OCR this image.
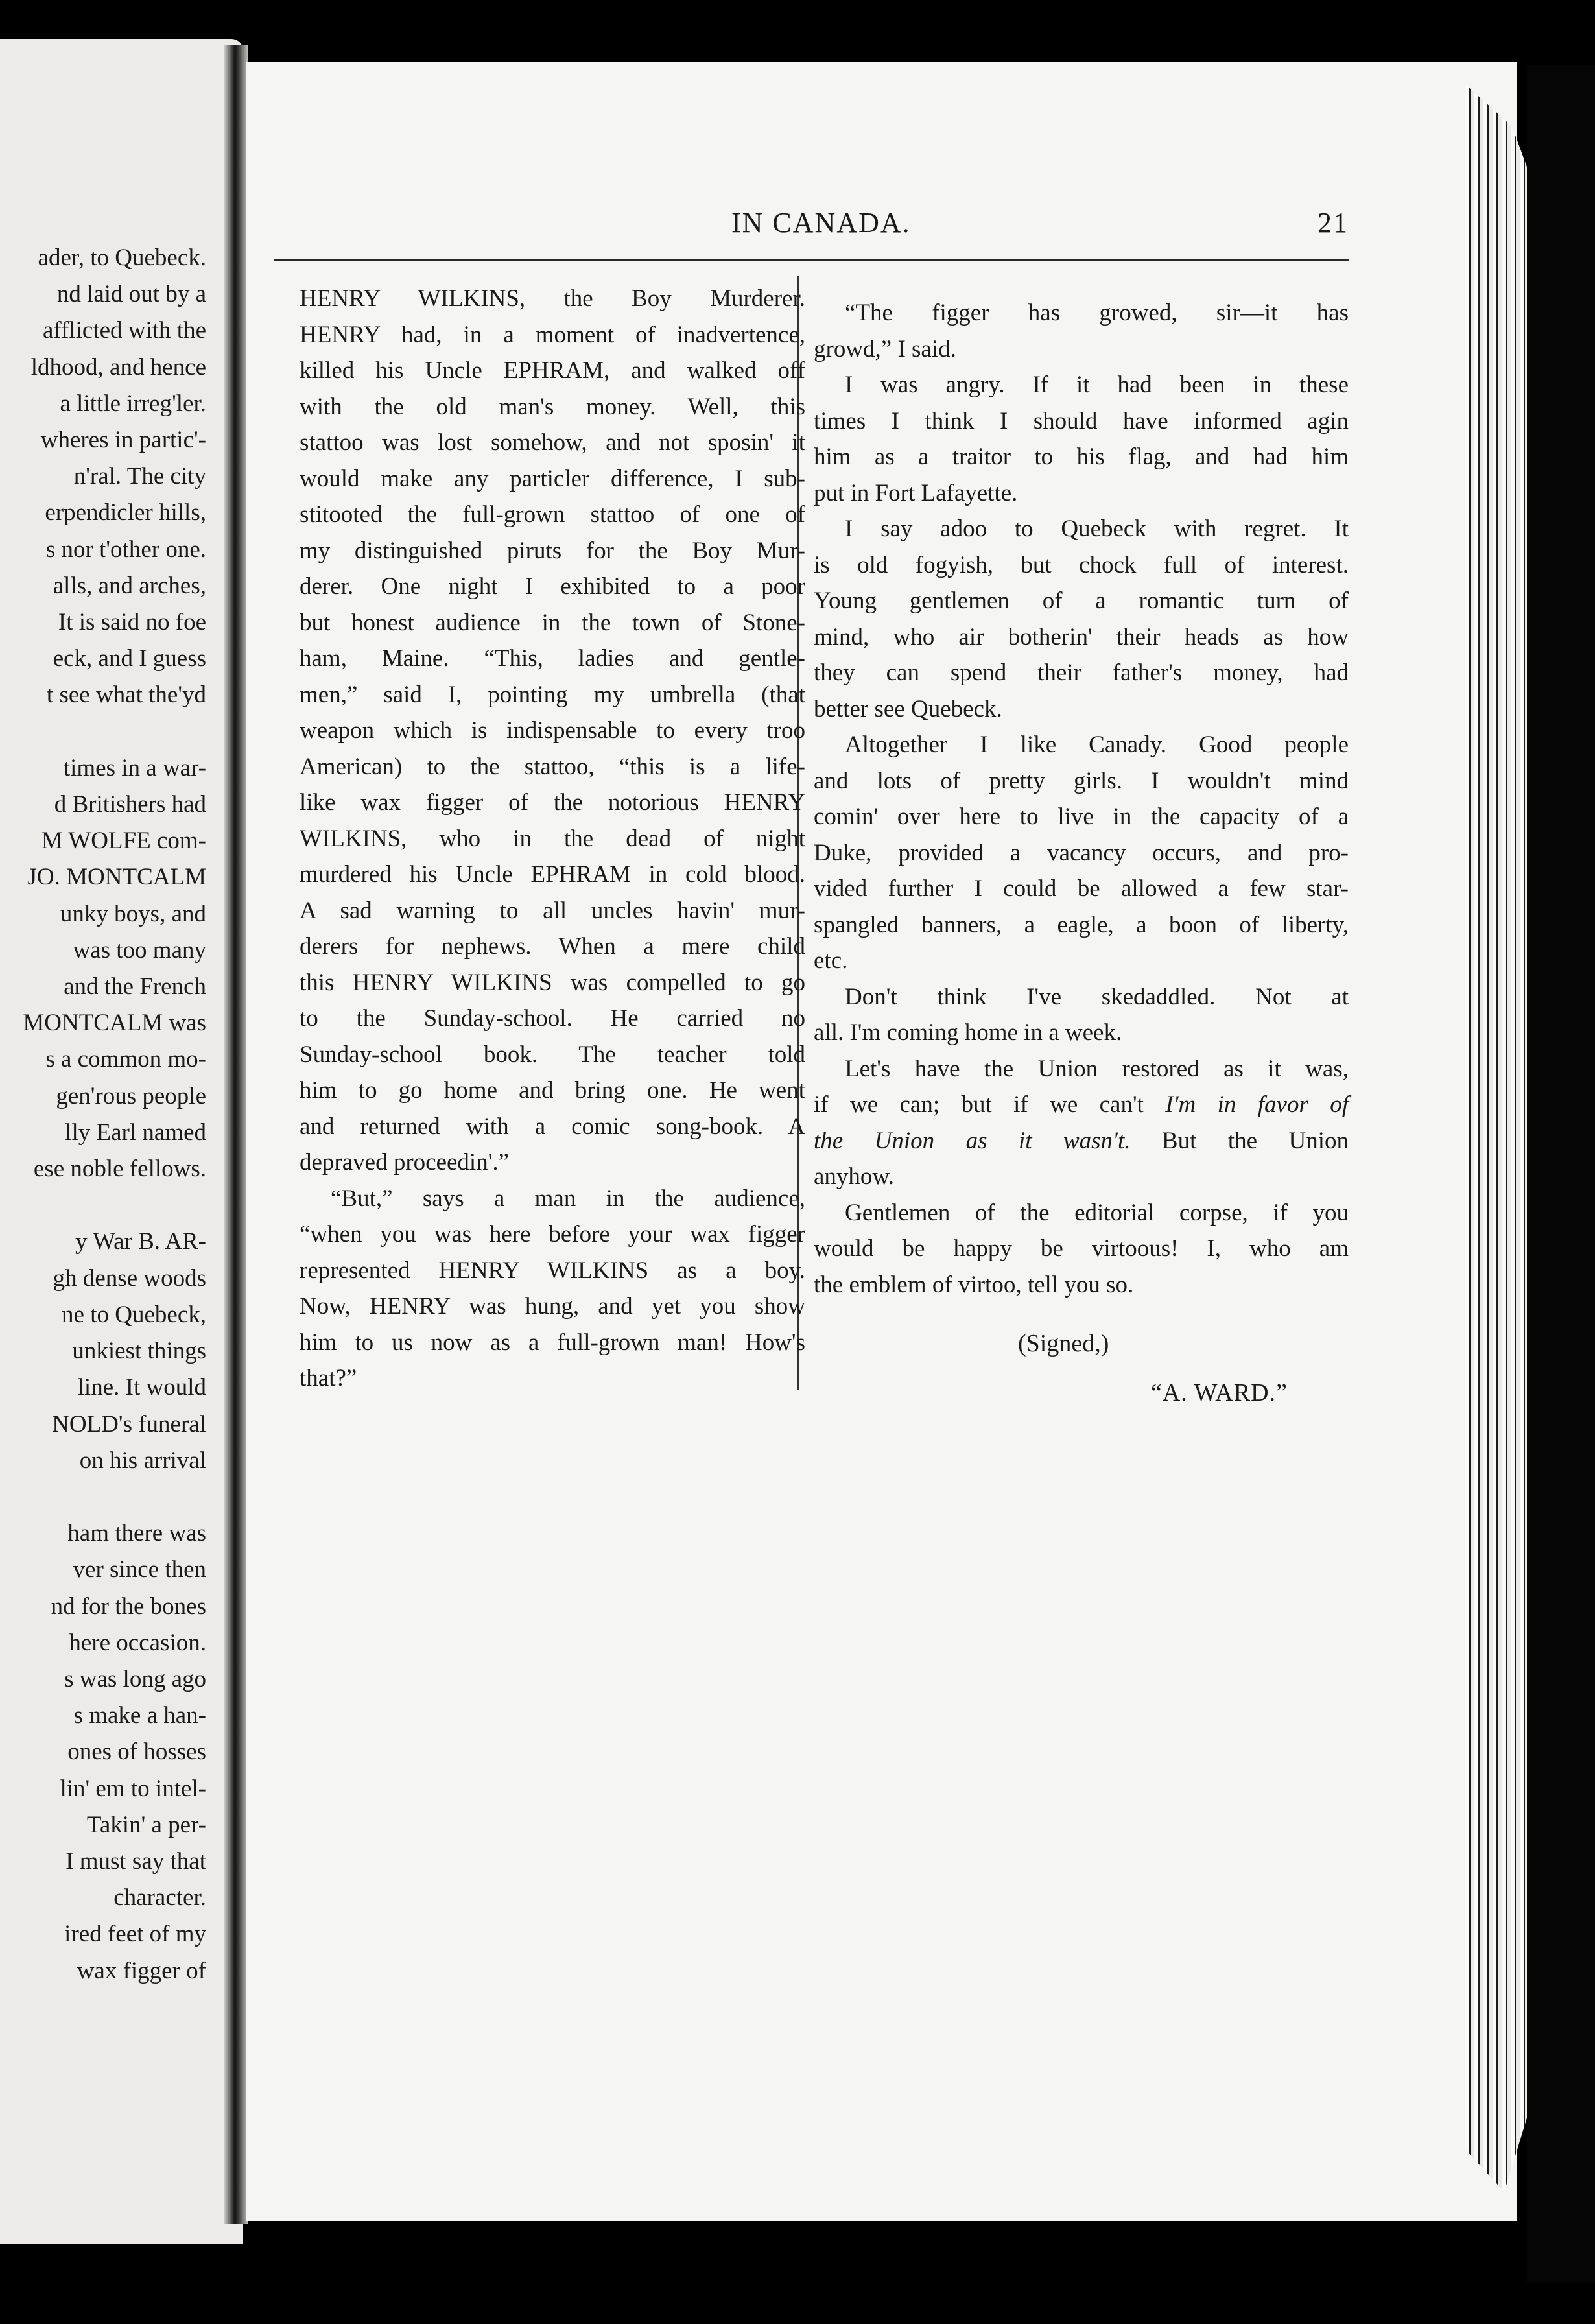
ader, to Quebeck.
nd laid out by a
afflicted with the
ldhood, and hence
a little irreg'ler.
wheres in partic'-
n'ral. The city
erpendicler hills,
s nor t'other one.
alls, and arches,
It is said no foe
eck, and I guess
t see what the'yd

times in a war-
d Britishers had
M WOLFE com-
JO. MONTCALM
unky boys, and
was too many
and the French
MONTCALM was
s a common mo-
gen'rous people
lly Earl named
ese noble fellows.

y War B. AR-
gh dense woods
ne to Quebeck,
unkiest things
line. It would
NOLD's funeral
on his arrival

ham there was
ver since then
nd for the bones
here occasion.
s was long ago
s make a han-
ones of hosses
lin' em to intel-
Takin' a per-
I must say that
character.
ired feet of my
wax figger of
IN CANADA.	21
HENRY WILKINS, the Boy Murderer.
HENRY had, in a moment of inadvertence,
killed his Uncle EPHRAM, and walked off
with the old man's money. Well, this
stattoo was lost somehow, and not sposin' it
would make any particler difference, I sub-
stitooted the full-grown stattoo of one of
my distinguished piruts for the Boy Mur-
derer. One night I exhibited to a poor
but honest audience in the town of Stone-
ham, Maine. “This, ladies and gentle-
men,” said I, pointing my umbrella (that
weapon which is indispensable to every troo
American) to the stattoo, “this is a life-
like wax figger of the notorious HENRY
WILKINS, who in the dead of night
murdered his Uncle EPHRAM in cold blood.
A sad warning to all uncles havin' mur-
derers for nephews. When a mere child
this HENRY WILKINS was compelled to go
to the Sunday-school. He carried no
Sunday-school book. The teacher told
him to go home and bring one. He went
and returned with a comic song-book. A
depraved proceedin'.”
“But,” says a man in the audience,
“when you was here before your wax figger
represented HENRY WILKINS as a boy.
Now, HENRY was hung, and yet you show
him to us now as a full-grown man! How's
that?”
“The figger has growed, sir—it has
growd,” I said.
I was angry. If it had been in these
times I think I should have informed agin
him as a traitor to his flag, and had him
put in Fort Lafayette.
I say adoo to Quebeck with regret. It
is old fogyish, but chock full of interest.
Young gentlemen of a romantic turn of
mind, who air botherin' their heads as how
they can spend their father's money, had
better see Quebeck.
Altogether I like Canady. Good people
and lots of pretty girls. I wouldn't mind
comin' over here to live in the capacity of a
Duke, provided a vacancy occurs, and pro-
vided further I could be allowed a few star-
spangled banners, a eagle, a boon of liberty,
etc.
Don't think I've skedaddled. Not at
all. I'm coming home in a week.
Let's have the Union restored as it was,
if we can; but if we can't I'm in favor of
the Union as it wasn't. But the Union
anyhow.
Gentlemen of the editorial corpse, if you
would be happy be virtoous! I, who am
the emblem of virtoo, tell you so.
(Signed,)
“A. WARD.”
